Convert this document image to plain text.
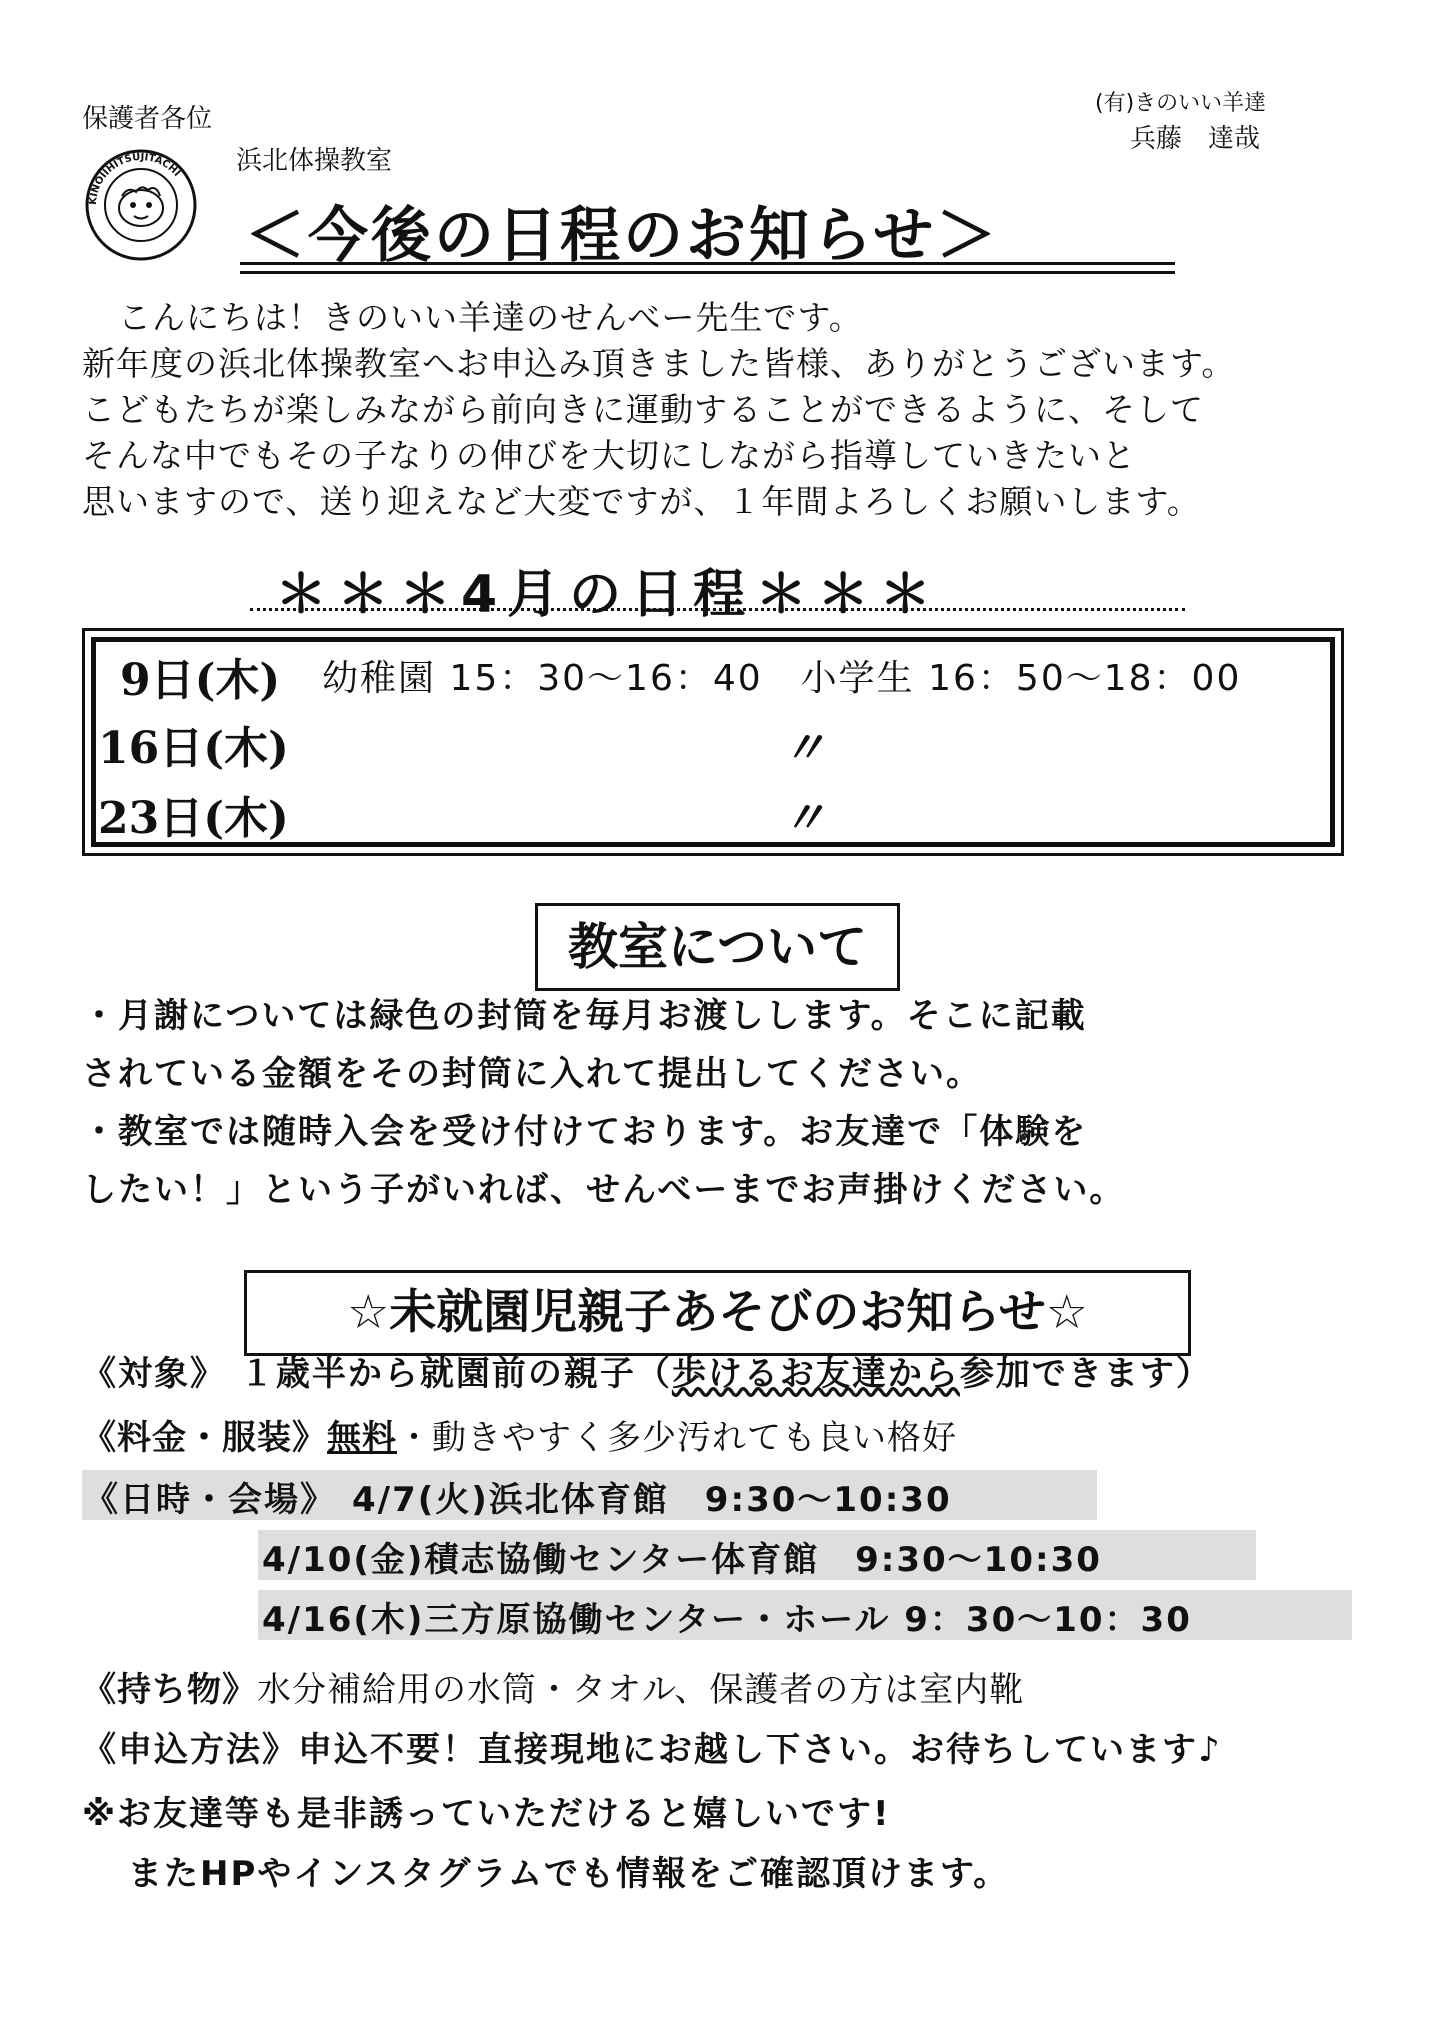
保護者各位
(有)きのいい羊達
兵藤　達哉
浜北体操教室
KINOIIHITSUJITACHI
＜今後の日程のお知らせ＞
こんにちは！きのいい羊達のせんべー先生です。
新年度の浜北体操教室へお申込み頂きました皆様、ありがとうございます。
こどもたちが楽しみながら前向きに運動することができるように、そして
そんな中でもその子なりの伸びを大切にしながら指導していきたいと
思いますので、送り迎えなど大変ですが、１年間よろしくお願いします。
＊＊＊4月の日程＊＊＊
9日(木) 幼稚園 15：30～16：40　小学生 16：50～18：00
16日(木)	〃
23日(木)	〃
教室について
・月謝については緑色の封筒を毎月お渡しします。そこに記載
されている金額をその封筒に入れて提出してください。
・教室では随時入会を受け付けております。お友達で「体験を
したい！」という子がいれば、せんべーまでお声掛けください。
☆未就園児親子あそびのお知らせ☆
《対象》 １歳半から就園前の親子（歩けるお友達から参加できます）
《料金・服装》無料・動きやすく多少汚れても良い格好
《日時・会場》 4/7(火)浜北体育館　9:30～10:30
4/10(金)積志協働センター体育館　9:30～10:30
4/16(木)三方原協働センター・ホール 9：30～10：30
《持ち物》水分補給用の水筒・タオル、保護者の方は室内靴
《申込方法》申込不要！直接現地にお越し下さい。お待ちしています♪
※お友達等も是非誘っていただけると嬉しいです!
またHPやインスタグラムでも情報をご確認頂けます。
